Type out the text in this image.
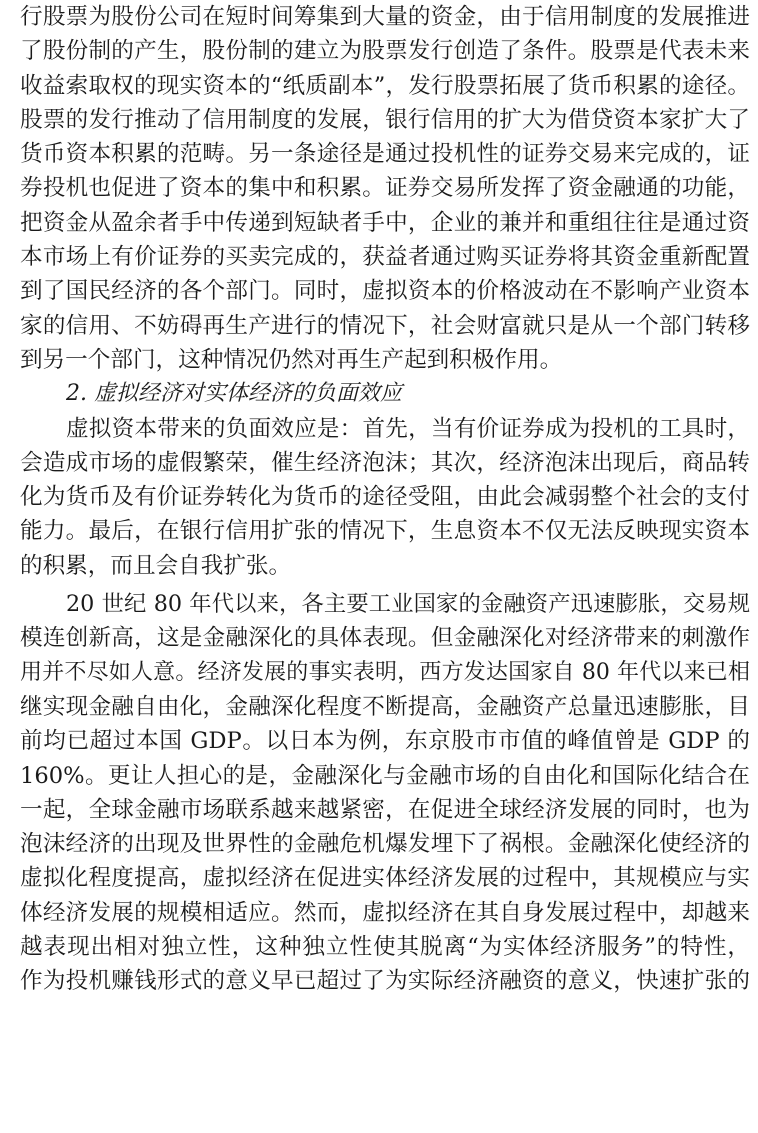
行股票为股份公司在短时间筹集到大量的资金，由于信用制度的发展推进
了股份制的产生，股份制的建立为股票发行创造了条件。股票是代表未来
收益索取权的现实资本的“纸质副本”，发行股票拓展了货币积累的途径。
股票的发行推动了信用制度的发展，银行信用的扩大为借贷资本家扩大了
货币资本积累的范畴。另一条途径是通过投机性的证券交易来完成的，证
券投机也促进了资本的集中和积累。证券交易所发挥了资金融通的功能，
把资金从盈余者手中传递到短缺者手中，企业的兼并和重组往往是通过资
本市场上有价证券的买卖完成的，获益者通过购买证券将其资金重新配置
到了国民经济的各个部门。同时，虚拟资本的价格波动在不影响产业资本
家的信用、不妨碍再生产进行的情况下，社会财富就只是从一个部门转移
到另一个部门，这种情况仍然对再生产起到积极作用。
2. 虚拟经济对实体经济的负面效应
虚拟资本带来的负面效应是：首先，当有价证券成为投机的工具时，
会造成市场的虚假繁荣，催生经济泡沫；其次，经济泡沫出现后，商品转
化为货币及有价证券转化为货币的途径受阻，由此会减弱整个社会的支付
能力。最后，在银行信用扩张的情况下，生息资本不仅无法反映现实资本
的积累，而且会自我扩张。
20 世纪 80 年代以来，各主要工业国家的金融资产迅速膨胀，交易规
模连创新高，这是金融深化的具体表现。但金融深化对经济带来的刺激作
用并不尽如人意。经济发展的事实表明，西方发达国家自 80 年代以来已相
继实现金融自由化，金融深化程度不断提高，金融资产总量迅速膨胀，目
前均已超过本国 GDP。以日本为例，东京股市市值的峰值曾是 GDP 的
160%。更让人担心的是，金融深化与金融市场的自由化和国际化结合在
一起，全球金融市场联系越来越紧密，在促进全球经济发展的同时，也为
泡沫经济的出现及世界性的金融危机爆发埋下了祸根。金融深化使经济的
虚拟化程度提高，虚拟经济在促进实体经济发展的过程中，其规模应与实
体经济发展的规模相适应。然而，虚拟经济在其自身发展过程中，却越来
越表现出相对独立性，这种独立性使其脱离“为实体经济服务”的特性，
作为投机赚钱形式的意义早已超过了为实际经济融资的意义，快速扩张的
